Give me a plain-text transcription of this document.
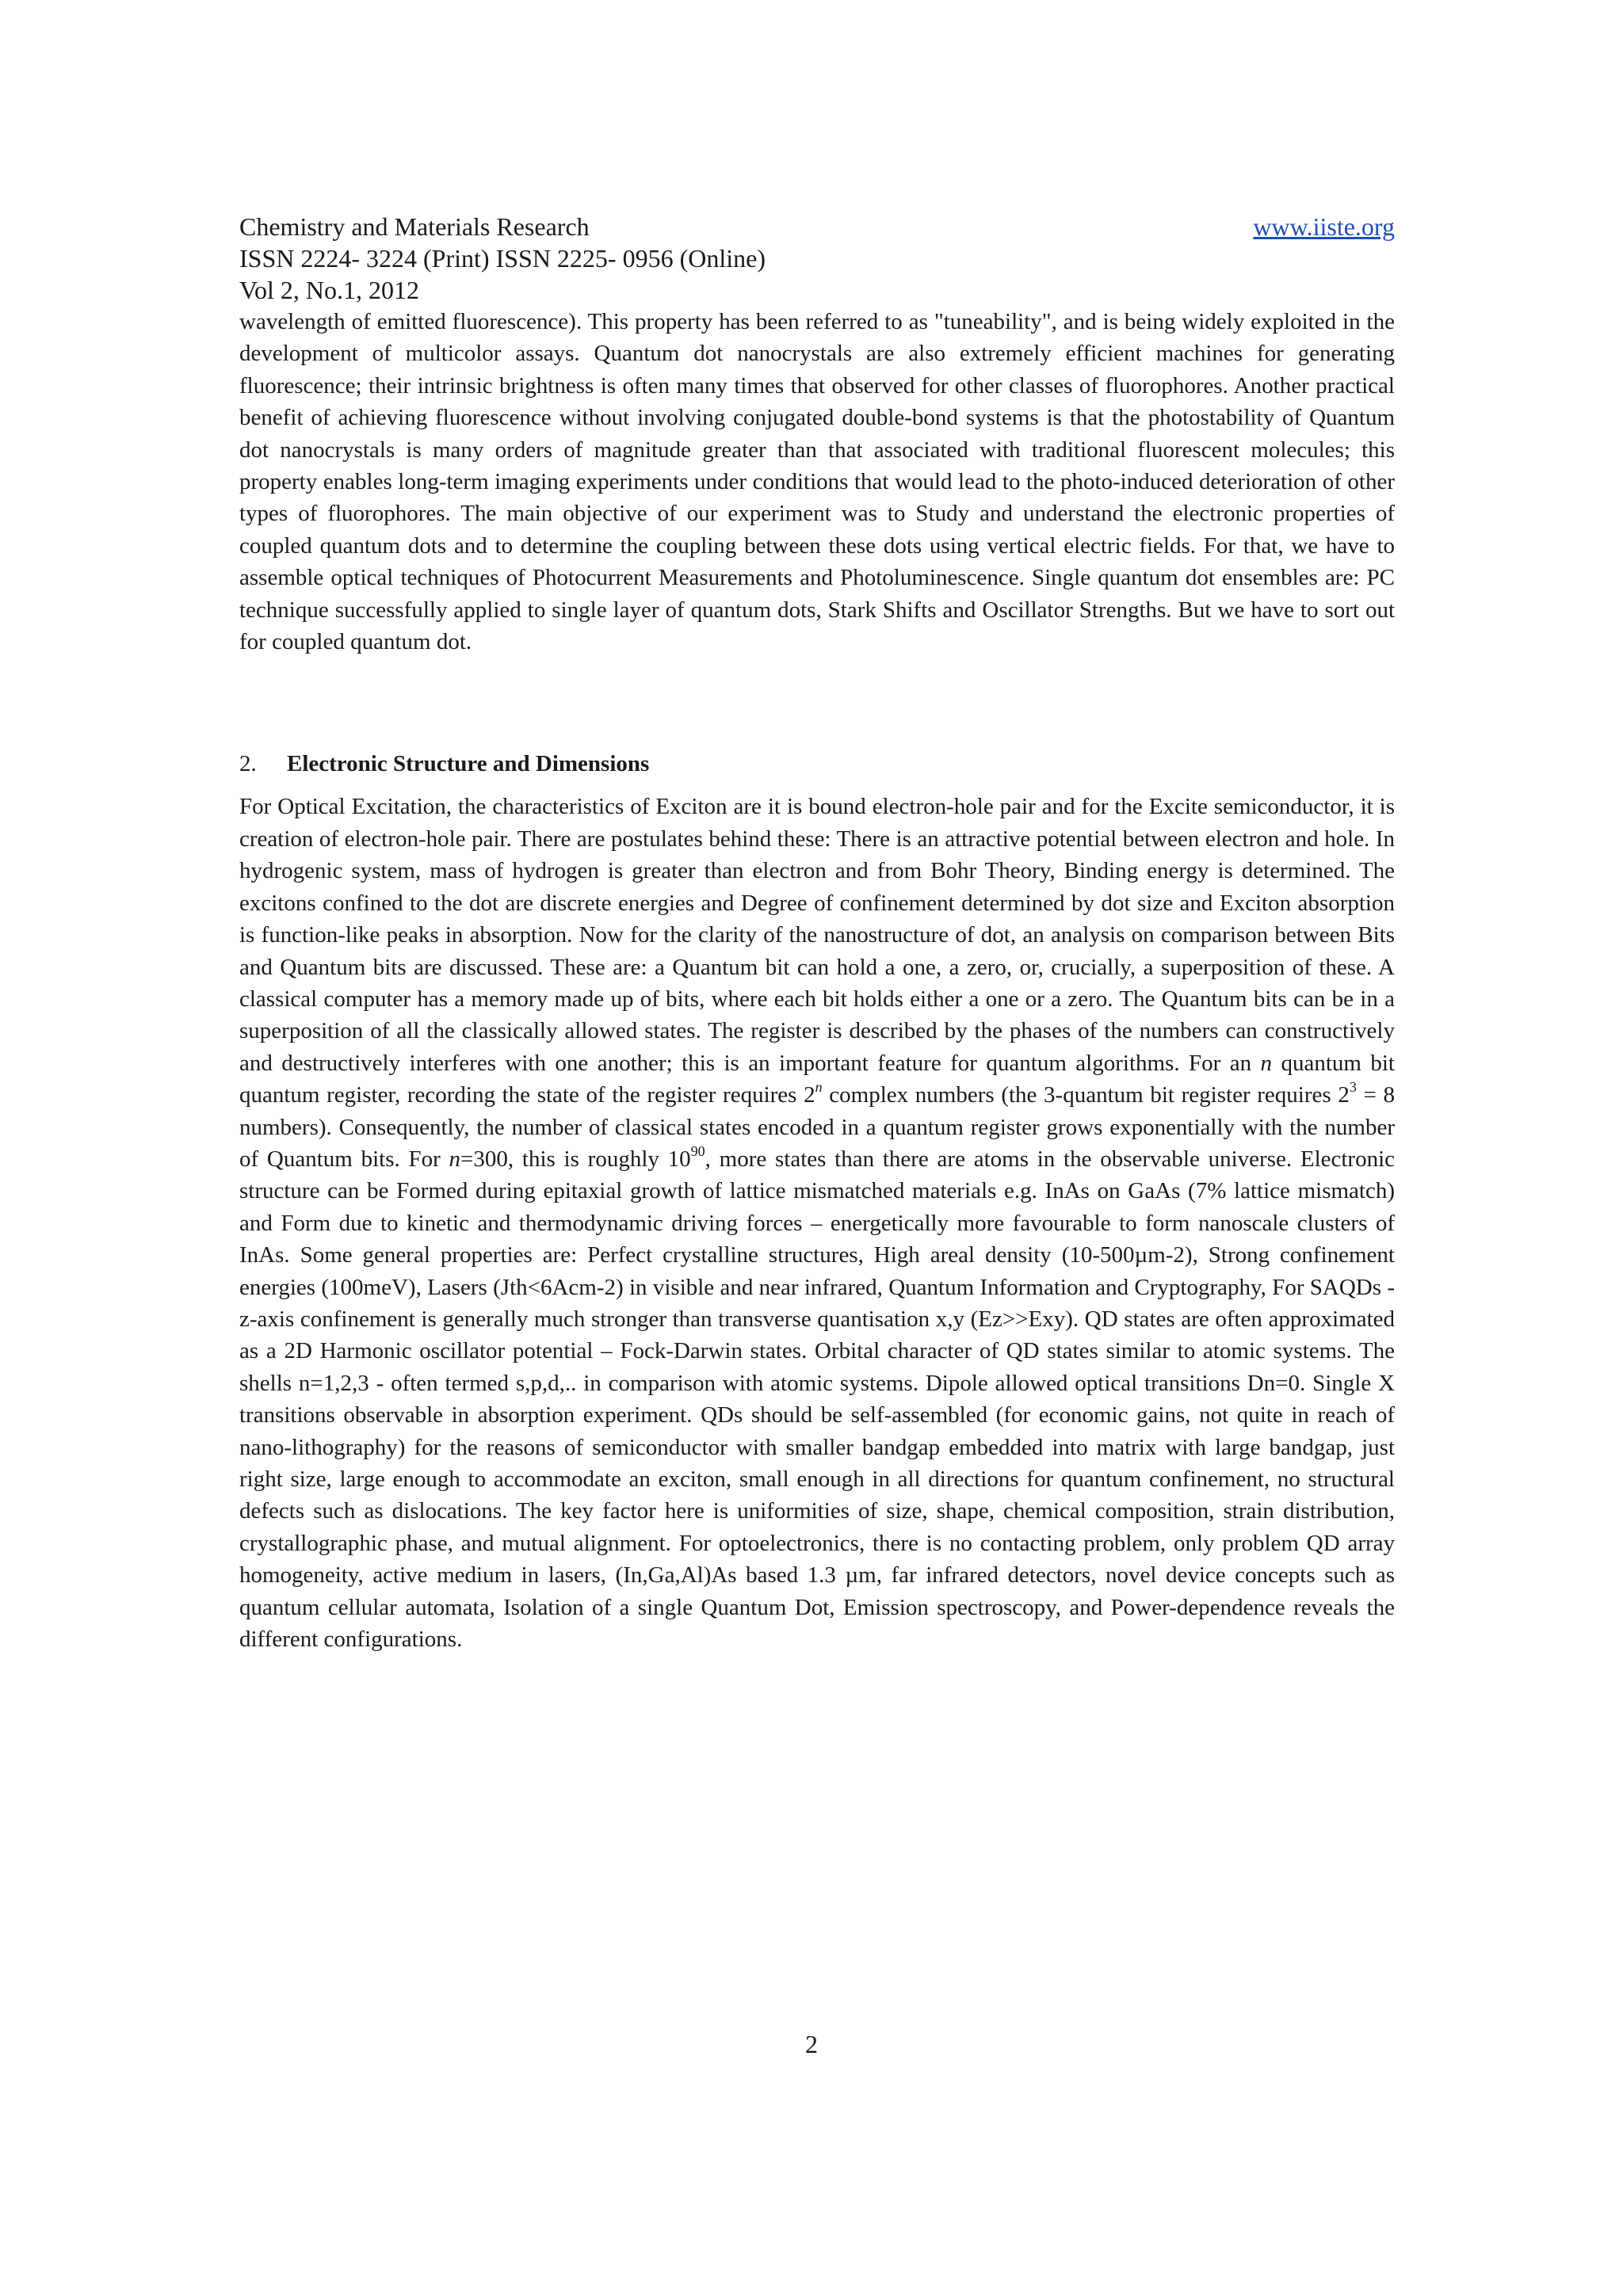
Chemistry and Materials Research	www.iiste.org
ISSN 2224- 3224 (Print) ISSN 2225- 0956 (Online)
Vol 2, No.1, 2012

wavelength of emitted fluorescence). This property has been referred to as "tuneability", and is being widely exploited in the development of multicolor assays. Quantum dot nanocrystals are also extremely efficient machines for generating fluorescence; their intrinsic brightness is often many times that observed for other classes of fluorophores. Another practical benefit of achieving fluorescence without involving conjugated double-bond systems is that the photostability of Quantum dot nanocrystals is many orders of magnitude greater than that associated with traditional fluorescent molecules; this property enables long-term imaging experiments under conditions that would lead to the photo-induced deterioration of other types of fluorophores. The main objective of our experiment was to Study and understand the electronic properties of coupled quantum dots and to determine the coupling between these dots using vertical electric fields. For that, we have to assemble optical techniques of Photocurrent Measurements and Photoluminescence. Single quantum dot ensembles are: PC technique successfully applied to single layer of quantum dots, Stark Shifts and Oscillator Strengths. But we have to sort out for coupled quantum dot.

2. Electronic Structure and Dimensions

For Optical Excitation, the characteristics of Exciton are it is bound electron-hole pair and for the Excite semiconductor, it is creation of electron-hole pair. There are postulates behind these: There is an attractive potential between electron and hole. In hydrogenic system, mass of hydrogen is greater than electron and from Bohr Theory, Binding energy is determined. The excitons confined to the dot are discrete energies and Degree of confinement determined by dot size and Exciton absorption is function-like peaks in absorption. Now for the clarity of the nanostructure of dot, an analysis on comparison between Bits and Quantum bits are discussed. These are: a Quantum bit can hold a one, a zero, or, crucially, a superposition of these. A classical computer has a memory made up of bits, where each bit holds either a one or a zero. The Quantum bits can be in a superposition of all the classically allowed states. The register is described by the phases of the numbers can constructively and destructively interferes with one another; this is an important feature for quantum algorithms. For an n quantum bit quantum register, recording the state of the register requires 2$^n$ complex numbers (the 3-quantum bit register requires $2^3 = 8$ numbers). Consequently, the number of classical states encoded in a quantum register grows exponentially with the number of Quantum bits. For n=300, this is roughly $10^{90}$, more states than there are atoms in the observable universe. Electronic structure can be Formed during epitaxial growth of lattice mismatched materials e.g. InAs on GaAs (7% lattice mismatch) and Form due to kinetic and thermodynamic driving forces – energetically more favourable to form nanoscale clusters of InAs. Some general properties are: Perfect crystalline structures, High areal density (10-500µm-2), Strong confinement energies (100meV), Lasers (Jth<6Acm-2) in visible and near infrared, Quantum Information and Cryptography, For SAQDs - z-axis confinement is generally much stronger than transverse quantisation x,y (Ez>>Exy). QD states are often approximated as a 2D Harmonic oscillator potential – Fock-Darwin states. Orbital character of QD states similar to atomic systems. The shells n=1,2,3 - often termed s,p,d,.. in comparison with atomic systems. Dipole allowed optical transitions Dn=0. Single X transitions observable in absorption experiment. QDs should be self-assembled (for economic gains, not quite in reach of nano-lithography) for the reasons of semiconductor with smaller bandgap embedded into matrix with large bandgap, just right size, large enough to accommodate an exciton, small enough in all directions for quantum confinement, no structural defects such as dislocations. The key factor here is uniformities of size, shape, chemical composition, strain distribution, crystallographic phase, and mutual alignment. For optoelectronics, there is no contacting problem, only problem QD array homogeneity, active medium in lasers, (In,Ga,Al)As based 1.3 µm, far infrared detectors, novel device concepts such as quantum cellular automata, Isolation of a single Quantum Dot, Emission spectroscopy, and Power-dependence reveals the different configurations.

2
